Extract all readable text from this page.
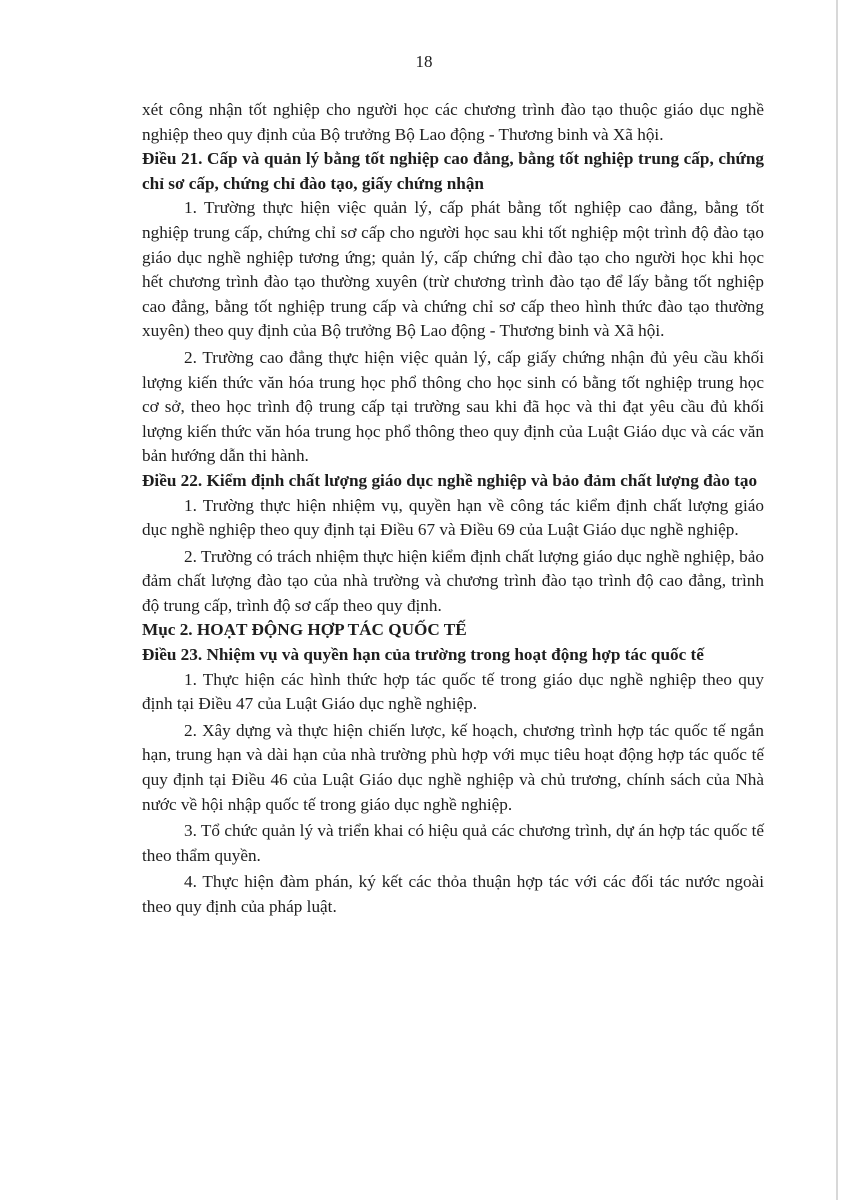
18

xét công nhận tốt nghiệp cho người học các chương trình đào tạo thuộc giáo dục nghề nghiệp theo quy định của Bộ trưởng Bộ Lao động - Thương binh và Xã hội.

Điều 21. Cấp và quản lý bằng tốt nghiệp cao đẳng, bằng tốt nghiệp trung cấp, chứng chỉ sơ cấp, chứng chỉ đào tạo, giấy chứng nhận

1. Trường thực hiện việc quản lý, cấp phát bằng tốt nghiệp cao đẳng, bằng tốt nghiệp trung cấp, chứng chỉ sơ cấp cho người học sau khi tốt nghiệp một trình độ đào tạo giáo dục nghề nghiệp tương ứng; quản lý, cấp chứng chỉ đào tạo cho người học khi học hết chương trình đào tạo thường xuyên (trừ chương trình đào tạo để lấy bằng tốt nghiệp cao đẳng, bằng tốt nghiệp trung cấp và chứng chỉ sơ cấp theo hình thức đào tạo thường xuyên) theo quy định của Bộ trưởng Bộ Lao động - Thương binh và Xã hội.

2. Trường cao đẳng thực hiện việc quản lý, cấp giấy chứng nhận đủ yêu cầu khối lượng kiến thức văn hóa trung học phổ thông cho học sinh có bằng tốt nghiệp trung học cơ sở, theo học trình độ trung cấp tại trường sau khi đã học và thi đạt yêu cầu đủ khối lượng kiến thức văn hóa trung học phổ thông theo quy định của Luật Giáo dục và các văn bản hướng dẫn thi hành.

Điều 22. Kiểm định chất lượng giáo dục nghề nghiệp và bảo đảm chất lượng đào tạo

1. Trường thực hiện nhiệm vụ, quyền hạn về công tác kiểm định chất lượng giáo dục nghề nghiệp theo quy định tại Điều 67 và Điều 69 của Luật Giáo dục nghề nghiệp.

2. Trường có trách nhiệm thực hiện kiểm định chất lượng giáo dục nghề nghiệp, bảo đảm chất lượng đào tạo của nhà trường và chương trình đào tạo trình độ cao đẳng, trình độ trung cấp, trình độ sơ cấp theo quy định.

Mục 2. HOẠT ĐỘNG HỢP TÁC QUỐC TẾ

Điều 23. Nhiệm vụ và quyền hạn của trường trong hoạt động hợp tác quốc tế

1. Thực hiện các hình thức hợp tác quốc tế trong giáo dục nghề nghiệp theo quy định tại Điều 47 của Luật Giáo dục nghề nghiệp.

2. Xây dựng và thực hiện chiến lược, kế hoạch, chương trình hợp tác quốc tế ngắn hạn, trung hạn và dài hạn của nhà trường phù hợp với mục tiêu hoạt động hợp tác quốc tế quy định tại Điều 46 của Luật Giáo dục nghề nghiệp và chủ trương, chính sách của Nhà nước về hội nhập quốc tế trong giáo dục nghề nghiệp.

3. Tổ chức quản lý và triển khai có hiệu quả các chương trình, dự án hợp tác quốc tế theo thẩm quyền.

4. Thực hiện đàm phán, ký kết các thỏa thuận hợp tác với các đối tác nước ngoài theo quy định của pháp luật.
